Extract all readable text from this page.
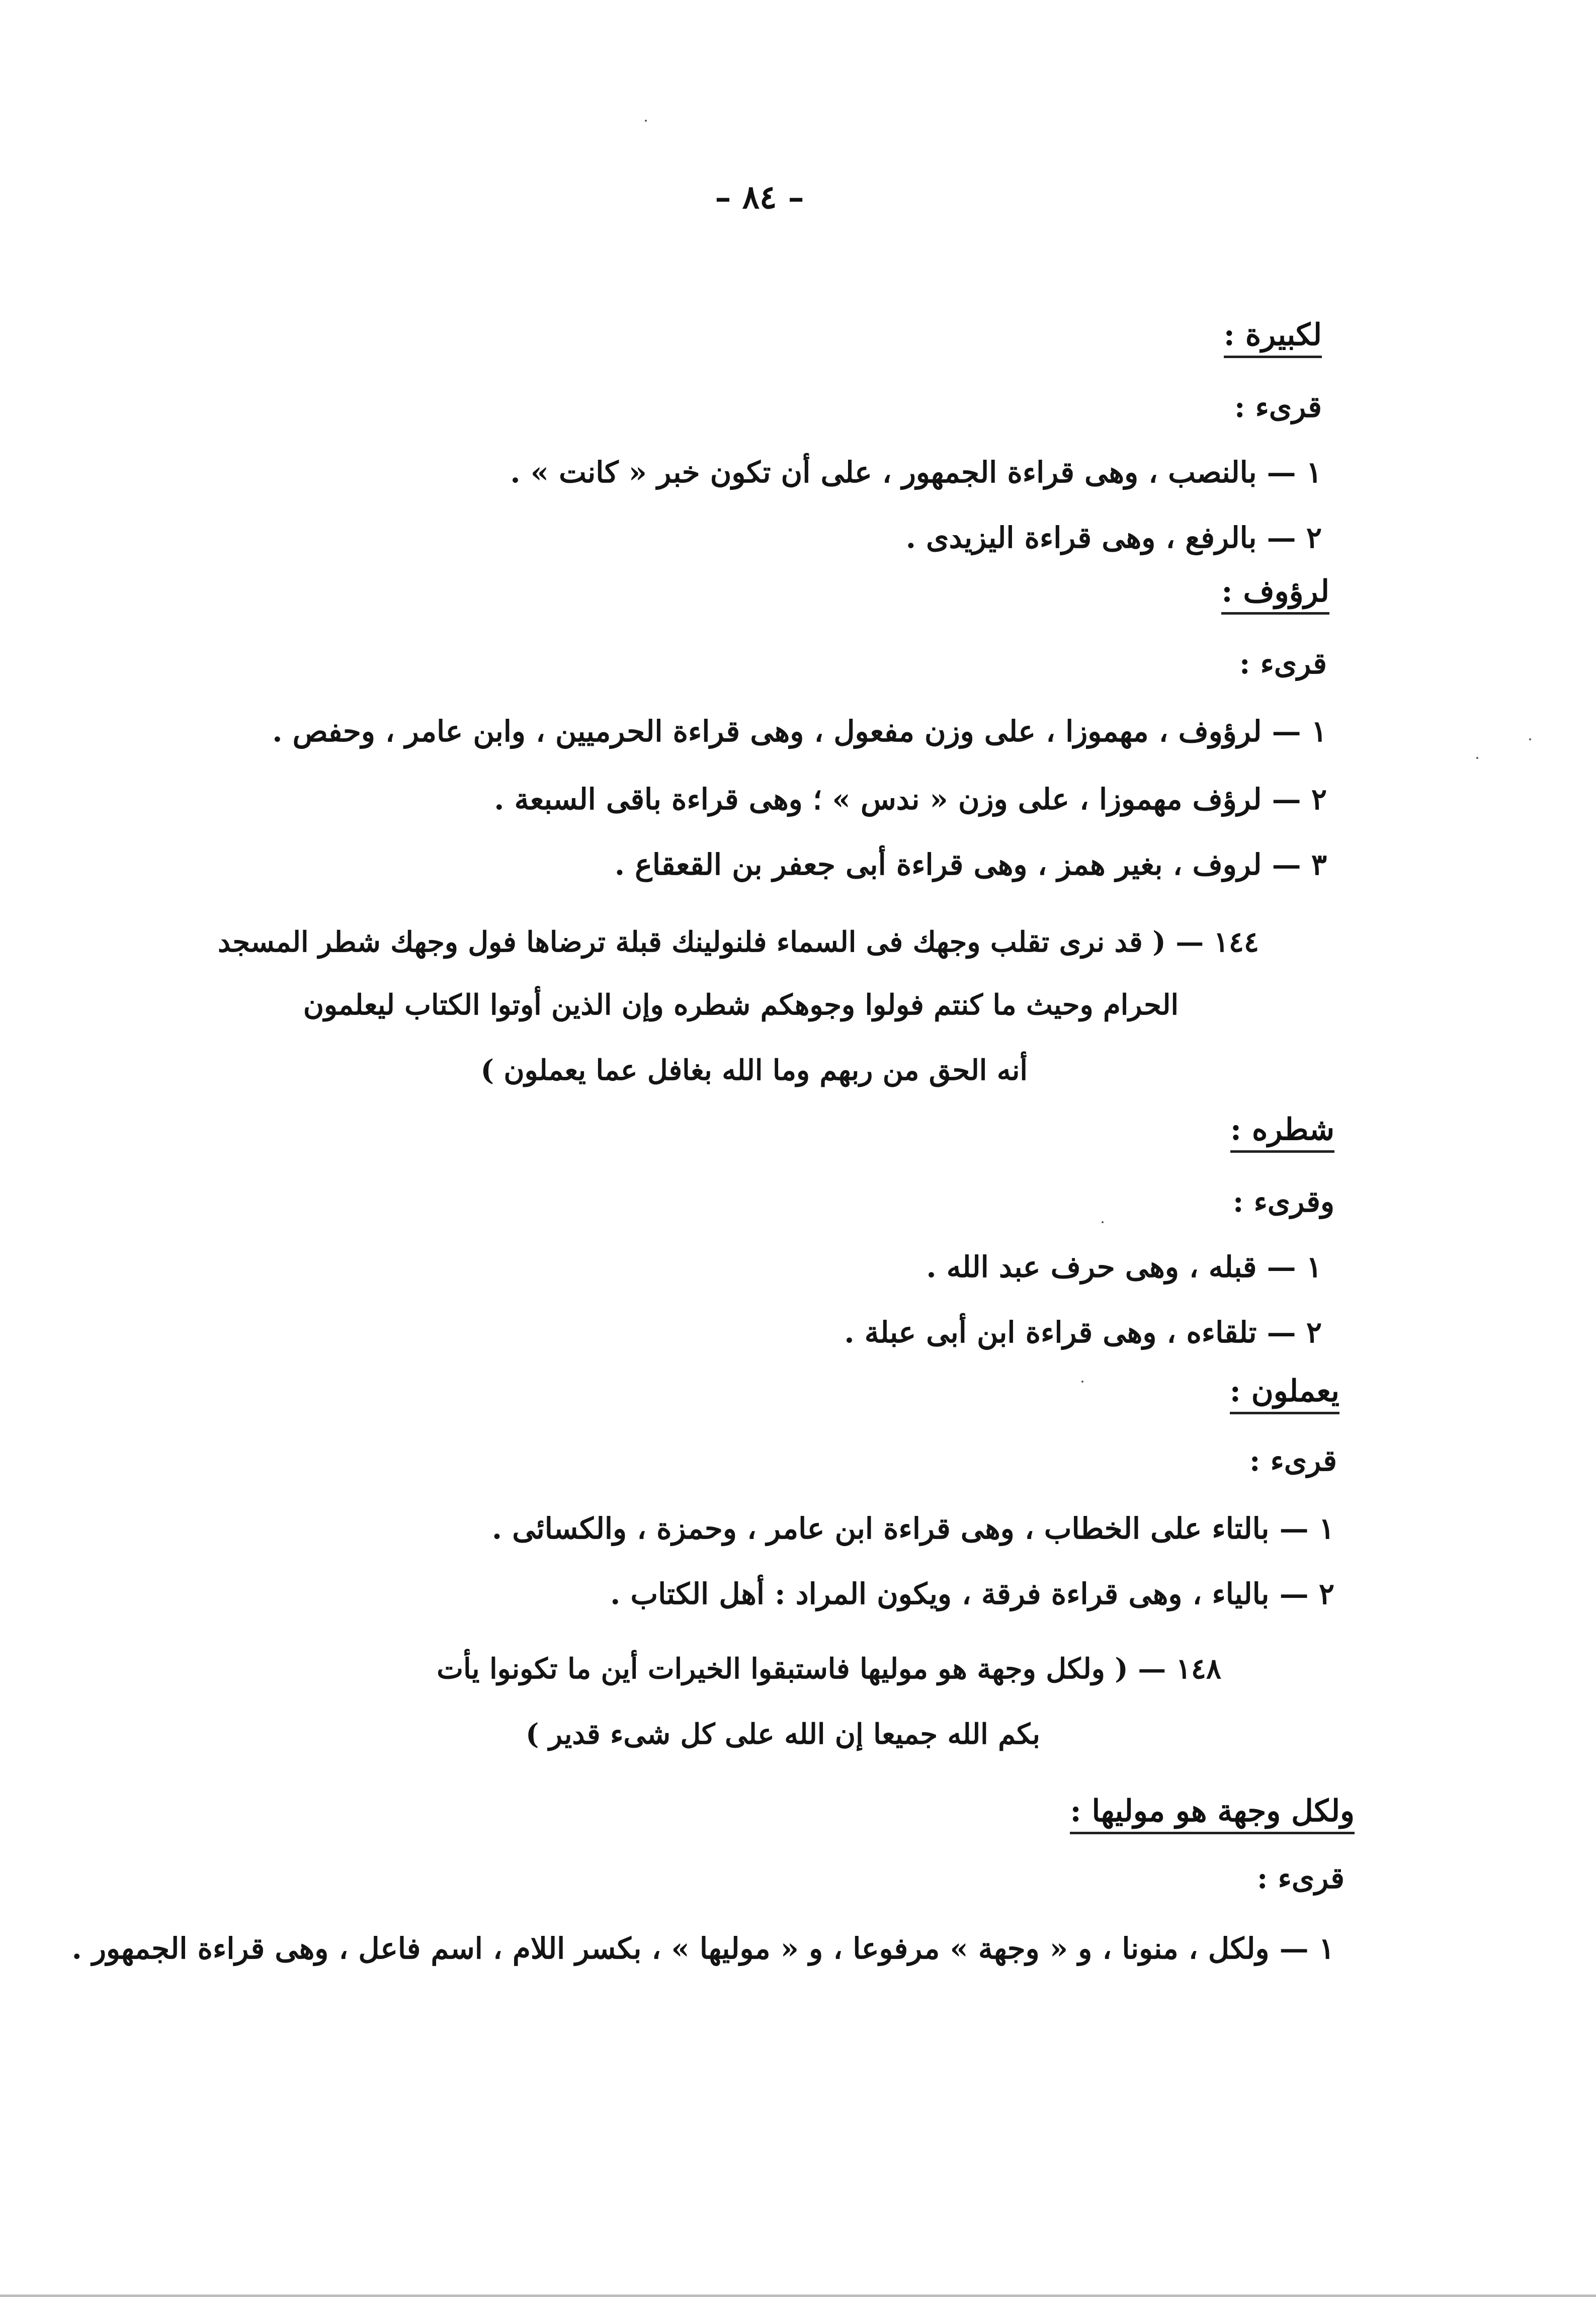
– ٨٤ –
لكبيرة :
قرىء :
١ — بالنصب ، وهى قراءة الجمهور ، على أن تكون خبر « كانت » .
٢ — بالرفع ، وهى قراءة اليزيدى .
لرؤوف :
قرىء :
١ — لرؤوف ، مهموزا ، على وزن مفعول ، وهى قراءة الحرميين ، وابن عامر ، وحفص .
٢ — لرؤف مهموزا ، على وزن « ندس » ؛ وهى قراءة باقى السبعة .
٣ — لروف ، بغير همز ، وهى قراءة أبى جعفر بن القعقاع .
١٤٤ — ( قد نرى تقلب وجهك فى السماء فلنولينك قبلة ترضاها فول وجهك شطر المسجد
الحرام وحيث ما كنتم فولوا وجوهكم شطره وإن الذين أوتوا الكتاب ليعلمون
أنه الحق من ربهم وما الله بغافل عما يعملون )
شطره :
وقرىء :
١ — قبله ، وهى حرف عبد الله .
٢ — تلقاءه ، وهى قراءة ابن أبى عبلة .
يعملون :
قرىء :
١ — بالتاء على الخطاب ، وهى قراءة ابن عامر ، وحمزة ، والكسائى .
٢ — بالياء ، وهى قراءة فرقة ، ويكون المراد : أهل الكتاب .
١٤٨ — ( ولكل وجهة هو موليها فاستبقوا الخيرات أين ما تكونوا يأت
بكم الله جميعا إن الله على كل شىء قدير )
ولكل وجهة هو موليها :
قرىء :
١ — ولكل ، منونا ، و « وجهة » مرفوعا ، و « موليها » ، بكسر اللام ، اسم فاعل ، وهى قراءة الجمهور .
